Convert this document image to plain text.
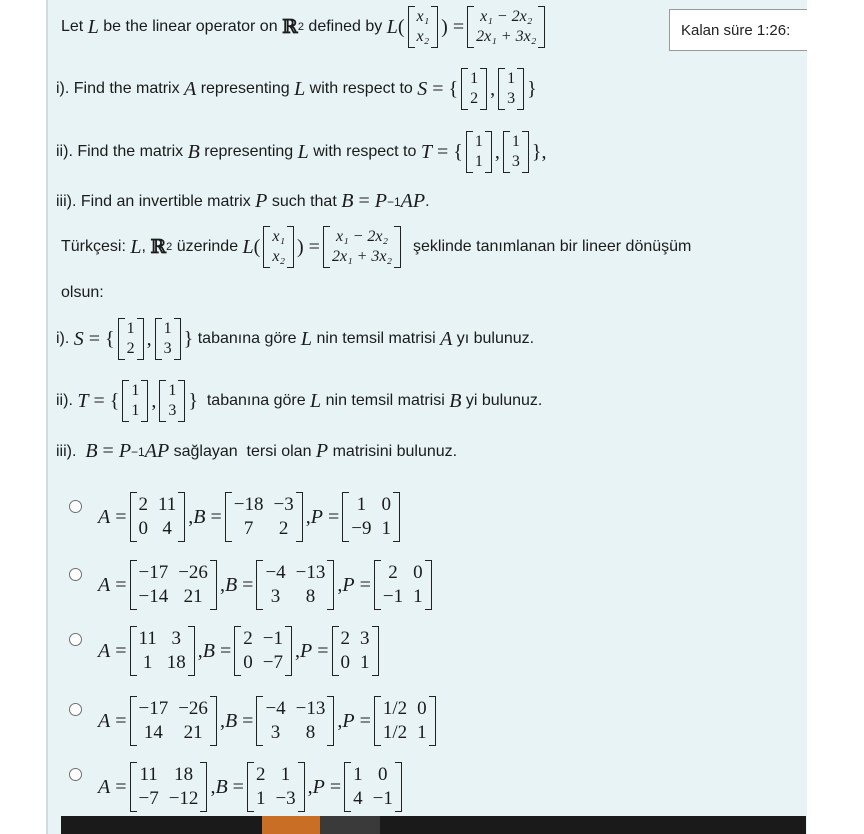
Kalan süre 1:26:
Let L be the linear operator on ℝ 2 defined by L ( x₁
x₂ ) = x₁ − 2x₂
2x₁ + 3x₂
i). Find the matrix A representing L with respect to S = { 1
2 , 1
3 }
ii). Find the matrix B representing L with respect to T = { 1
1 , 1
3 },
iii). Find an invertible matrix P such that B = P −1 AP .
Türkçesi: L , ℝ 2 üzerinde L ( x₁
x₂ ) = x₁ − 2x₂
2x₁ + 3x₂
şeklinde tanımlanan bir lineer dönüşüm
olsun:
i). S = { 1
2 , 1
3 } tabanına göre L nin temsil matrisi A yı bulunuz.
ii). T = { 1
1 , 1
3 } tabanına göre L nin temsil matrisi B yi bulunuz.
iii). B = P −1 AP sağlayan  tersi olan P matrisini bulunuz.
A =
2 11
0 4
, B =
−18 −3
7	2
, P =
1 0
−9 1
A =
−17 −26
−14 21
, B =
−4 −13
3	8
, P =
2 0
−1 1
A =
11 3
1 18
, B =
2 −1
0 −7
, P =
2 3
0 1
A =
−17 −26
14 21
, B =
−4 −13
3	8
, P =
1/2 0
1/2 1
A =
11 18
−7 −12
, B =
2 1
1 −3
, P =
1 0
4 −1
